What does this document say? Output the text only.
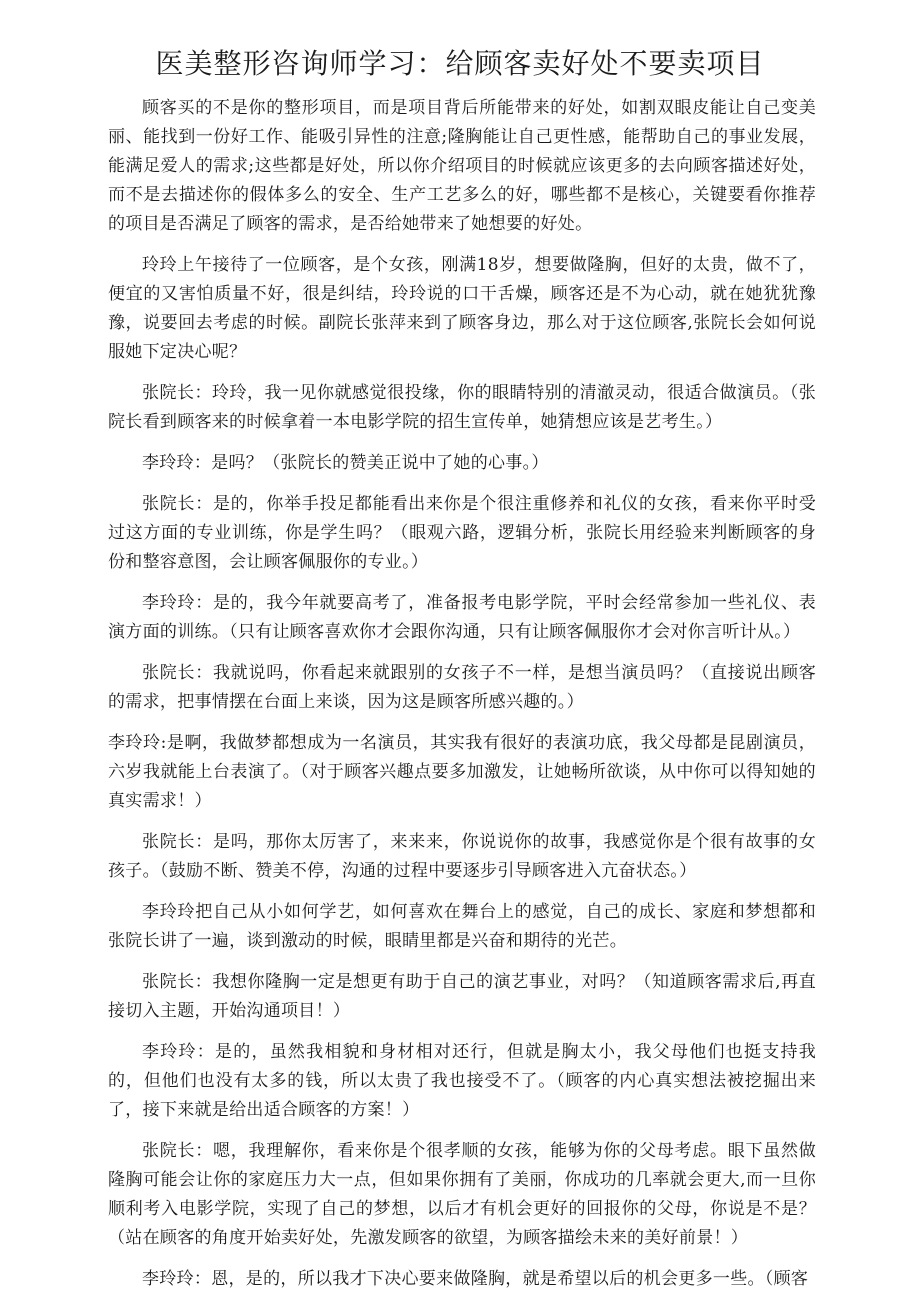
医美整形咨询师学习：给顾客卖好处不要卖项目

顾客买的不是你的整形项目，而是项目背后所能带来的好处，如割双眼皮能让自己变美丽、能找到一份好工作、能吸引异性的注意;隆胸能让自己更性感，能帮助自己的事业发展，能满足爱人的需求;这些都是好处，所以你介绍项目的时候就应该更多的去向顾客描述好处，而不是去描述你的假体多么的安全、生产工艺多么的好，哪些都不是核心，关键要看你推荐的项目是否满足了顾客的需求，是否给她带来了她想要的好处。

玲玲上午接待了一位顾客，是个女孩，刚满18岁，想要做隆胸，但好的太贵，做不了，便宜的又害怕质量不好，很是纠结，玲玲说的口干舌燥，顾客还是不为心动，就在她犹犹豫豫，说要回去考虑的时候。副院长张萍来到了顾客身边，那么对于这位顾客,张院长会如何说服她下定决心呢？

张院长：玲玲，我一见你就感觉很投缘，你的眼睛特别的清澈灵动，很适合做演员。（张院长看到顾客来的时候拿着一本电影学院的招生宣传单，她猜想应该是艺考生。）

李玲玲：是吗？（张院长的赞美正说中了她的心事。）

张院长：是的，你举手投足都能看出来你是个很注重修养和礼仪的女孩，看来你平时受过这方面的专业训练，你是学生吗？（眼观六路，逻辑分析，张院长用经验来判断顾客的身份和整容意图，会让顾客佩服你的专业。）

李玲玲：是的，我今年就要高考了，准备报考电影学院，平时会经常参加一些礼仪、表演方面的训练。（只有让顾客喜欢你才会跟你沟通，只有让顾客佩服你才会对你言听计从。）

张院长：我就说吗，你看起来就跟别的女孩子不一样，是想当演员吗？（直接说出顾客的需求，把事情摆在台面上来谈，因为这是顾客所感兴趣的。）

李玲玲:是啊，我做梦都想成为一名演员，其实我有很好的表演功底，我父母都是昆剧演员，六岁我就能上台表演了。（对于顾客兴趣点要多加激发，让她畅所欲谈，从中你可以得知她的真实需求！）

张院长：是吗，那你太厉害了，来来来，你说说你的故事，我感觉你是个很有故事的女孩子。（鼓励不断、赞美不停，沟通的过程中要逐步引导顾客进入亢奋状态。）

李玲玲把自己从小如何学艺，如何喜欢在舞台上的感觉，自己的成长、家庭和梦想都和张院长讲了一遍，谈到激动的时候，眼睛里都是兴奋和期待的光芒。

张院长：我想你隆胸一定是想更有助于自己的演艺事业，对吗？（知道顾客需求后,再直接切入主题，开始沟通项目！）

李玲玲：是的，虽然我相貌和身材相对还行，但就是胸太小，我父母他们也挺支持我的，但他们也没有太多的钱，所以太贵了我也接受不了。（顾客的内心真实想法被挖掘出来了，接下来就是给出适合顾客的方案！）

张院长：嗯，我理解你，看来你是个很孝顺的女孩，能够为你的父母考虑。眼下虽然做隆胸可能会让你的家庭压力大一点，但如果你拥有了美丽，你成功的几率就会更大,而一旦你顺利考入电影学院，实现了自己的梦想，以后才有机会更好的回报你的父母，你说是不是？（站在顾客的角度开始卖好处，先激发顾客的欲望，为顾客描绘未来的美好前景！）

李玲玲：恩，是的，所以我才下决心要来做隆胸，就是希望以后的机会更多一些。（顾客
